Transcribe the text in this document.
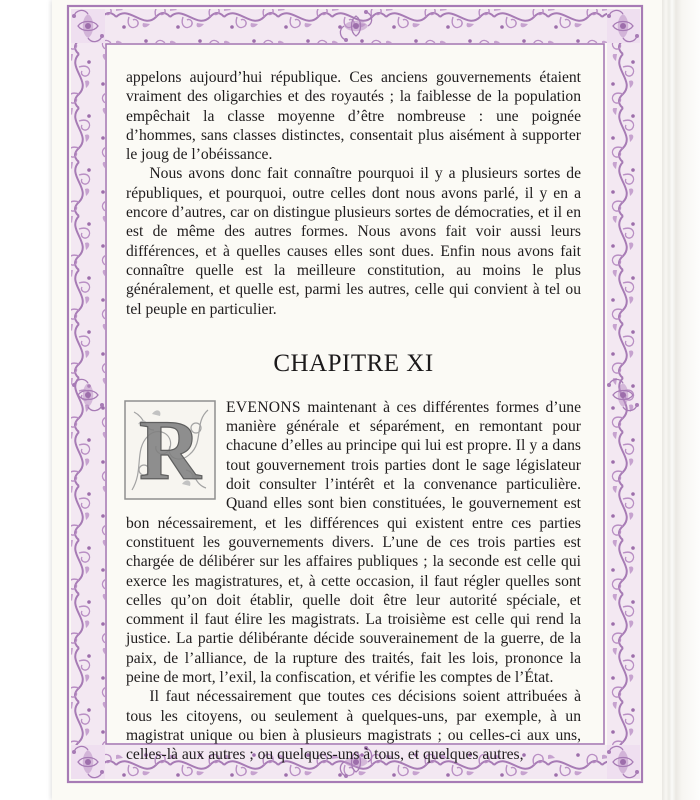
appelons aujourd’hui république. Ces anciens gouvernements étaient vraiment des oligarchies et des royautés ; la faiblesse de la population empêchait la classe moyenne d’être nombreuse : une poignée d’hommes, sans classes distinctes, consentait plus aisément à supporter le joug de l’obéissance.

Nous avons donc fait connaître pourquoi il y a plusieurs sortes de républiques, et pourquoi, outre celles dont nous avons parlé, il y en a encore d’autres, car on distingue plusieurs sortes de démocraties, et il en est de même des autres formes. Nous avons fait voir aussi leurs différences, et à quelles causes elles sont dues. Enfin nous avons fait connaître quelle est la meilleure constitution, au moins le plus généralement, et quelle est, parmi les autres, celle qui convient à tel ou tel peuple en particulier.

CHAPITRE XI
R	EVENONS maintenant à ces différentes formes d’une manière générale et séparément, en remontant pour chacune d’elles au principe qui lui est propre. Il y a dans tout gouvernement trois parties dont le sage législateur doit consulter l’intérêt et la convenance particulière. Quand elles sont bien constituées, le gouvernement est bon nécessairement, et les différences qui existent entre ces parties constituent les gouvernements divers. L’une de ces trois parties est chargée de délibérer sur les affaires publiques ; la seconde est celle qui exerce les magistratures, et, à cette occasion, il faut régler quelles sont celles qu’on doit établir, quelle doit être leur autorité spéciale, et comment il faut élire les magistrats. La troisième est celle qui rend la justice. La partie délibérante décide souverainement de la guerre, de la paix, de l’alliance, de la rupture des traités, fait les lois, prononce la peine de mort, l’exil, la confiscation, et vérifie les comptes de l’État.

Il faut nécessairement que toutes ces décisions soient attribuées à tous les citoyens, ou seulement à quelques-uns, par exemple, à un magistrat unique ou bien à plusieurs magistrats ; ou celles-ci aux uns, celles-là aux autres ; ou quelques-uns à tous, et quelques autres,
